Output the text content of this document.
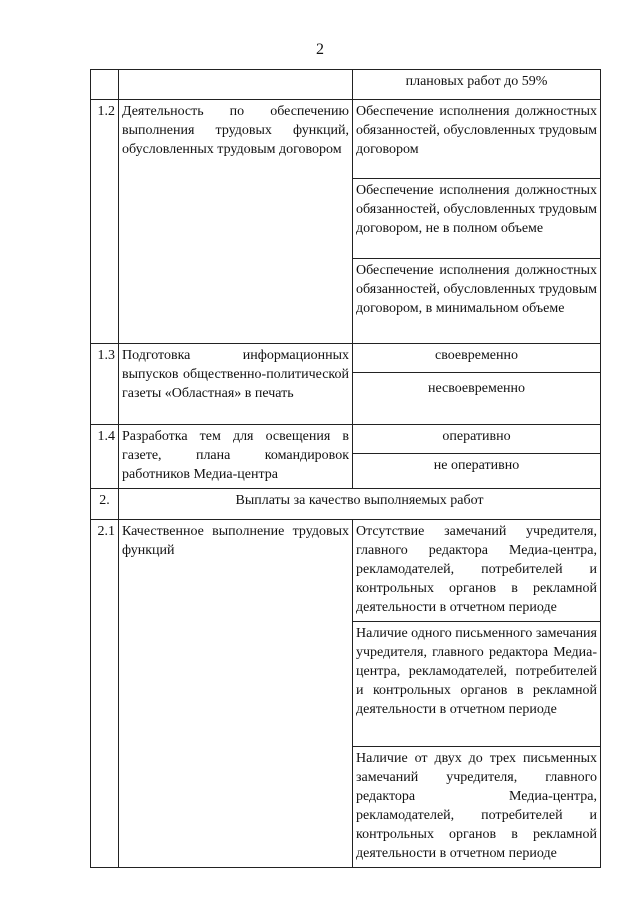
2
		плановых работ до 59%
1.2	Деятельность по обеспечению выполнения трудовых функций, обусловленных трудовым договором	Обеспечение исполнения должностных обязанностей, обусловленных трудовым договором
		Обеспечение исполнения должностных обязанностей, обусловленных трудовым договором, не в полном объеме
		Обеспечение исполнения должностных обязанностей, обусловленных трудовым договором, в минимальном объеме
1.3	Подготовка информационных выпусков общественно-политической газеты «Областная» в печать	своевременно
		несвоевременно
1.4	Разработка тем для освещения в газете, плана командировок работников Медиа-центра	оперативно
		не оперативно
2.	Выплаты за качество выполняемых работ	
2.1	Качественное выполнение трудовых функций	Отсутствие замечаний учредителя, главного редактора Медиа-центра, рекламодателей, потребителей и контрольных органов в рекламной деятельности в отчетном периоде
		Наличие одного письменного замечания учредителя, главного редактора Медиа-центра, рекламодателей, потребителей и контрольных органов в рекламной деятельности в отчетном периоде
		Наличие от двух до трех письменных замечаний учредителя, главного редактора Медиа-центра, рекламодателей, потребителей и контрольных органов в рекламной деятельности в отчетном периоде
